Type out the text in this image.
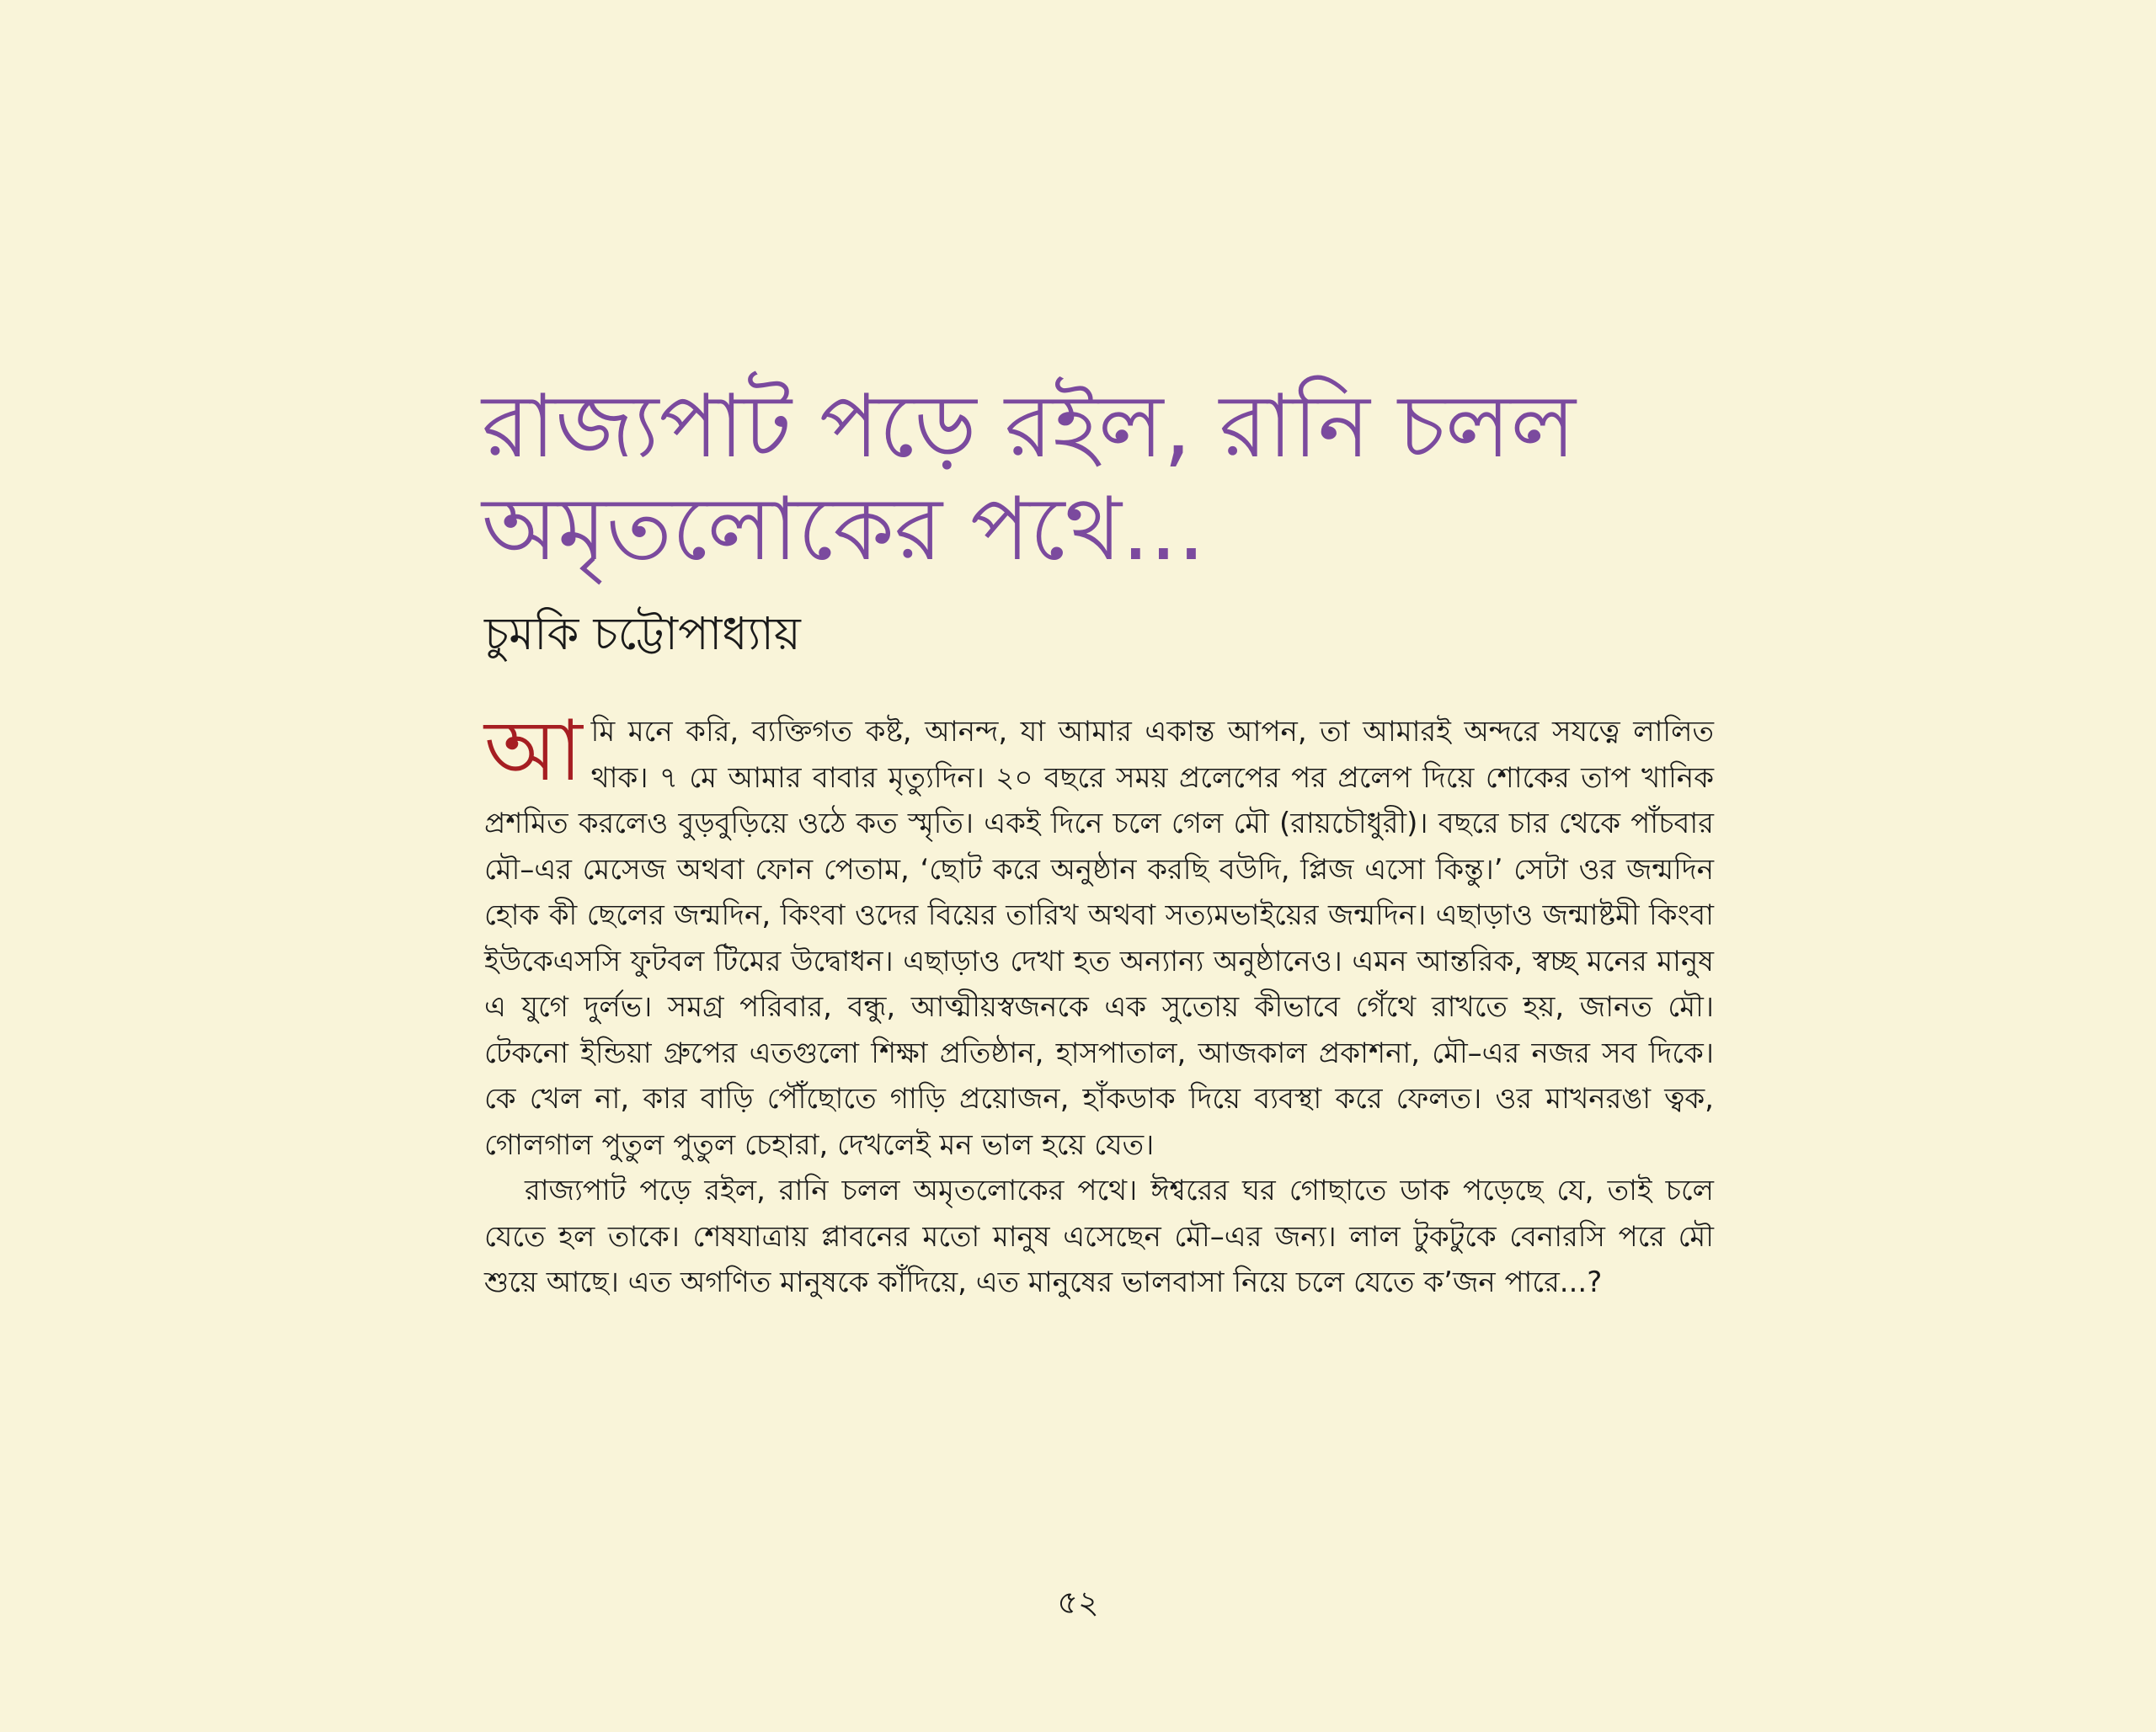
রাজ্যপাট পড়ে রইল, রানি চলল
অমৃতলোকের পথে...
চুমকি চট্টোপাধ্যায়

আমি মনে করি, ব্যক্তিগত কষ্ট, আনন্দ, যা আমার একান্ত আপন, তা আমারই অন্দরে সযত্নে লালিত থাক। ৭ মে আমার বাবার মৃত্যুদিন। ২০ বছরে সময় প্রলেপের পর প্রলেপ দিয়ে শোকের তাপ খানিক প্রশমিত করলেও বুড়বুড়িয়ে ওঠে কত স্মৃতি। একই দিনে চলে গেল মৌ (রায়চৌধুরী)। বছরে চার থেকে পাঁচবার মৌ–এর মেসেজ অথবা ফোন পেতাম, ‘ছোট করে অনুষ্ঠান করছি বউদি, প্লিজ এসো কিন্তু।’ সেটা ওর জন্মদিন হোক কী ছেলের জন্মদিন, কিংবা ওদের বিয়ের তারিখ অথবা সত্যমভাইয়ের জন্মদিন। এছাড়াও জন্মাষ্টমী কিংবা ইউকেএসসি ফুটবল টিমের উদ্বোধন। এছাড়াও দেখা হত অন্যান্য অনুষ্ঠানেও। এমন আন্তরিক, স্বচ্ছ মনের মানুষ এ যুগে দুর্লভ। সমগ্র পরিবার, বন্ধু, আত্মীয়স্বজনকে এক সুতোয় কীভাবে গেঁথে রাখতে হয়, জানত মৌ। টেকনো ইন্ডিয়া গ্রুপের এতগুলো শিক্ষা প্রতিষ্ঠান, হাসপাতাল, আজকাল প্রকাশনা, মৌ–এর নজর সব দিকে। কে খেল না, কার বাড়ি পৌঁছোতে গাড়ি প্রয়োজন, হাঁকডাক দিয়ে ব্যবস্থা করে ফেলত। ওর মাখনরঙা ত্বক, গোলগাল পুতুল পুতুল চেহারা, দেখলেই মন ভাল হয়ে যেত।

রাজ্যপাট পড়ে রইল, রানি চলল অমৃতলোকের পথে। ঈশ্বরের ঘর গোছাতে ডাক পড়েছে যে, তাই চলে যেতে হল তাকে। শেষযাত্রায় প্লাবনের মতো মানুষ এসেছেন মৌ–এর জন্য। লাল টুকটুকে বেনারসি পরে মৌ শুয়ে আছে। এত অগণিত মানুষকে কাঁদিয়ে, এত মানুষের ভালবাসা নিয়ে চলে যেতে ক’জন পারে...?

৫২
